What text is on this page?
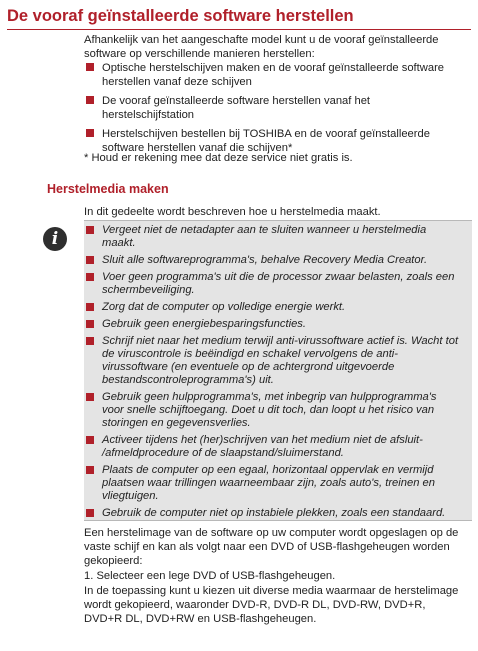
De vooraf geïnstalleerde software herstellen

Afhankelijk van het aangeschafte model kunt u de vooraf geïnstalleerde software op verschillende manieren herstellen:

Optische herstelschijven maken en de vooraf geïnstalleerde software herstellen vanaf deze schijven
De vooraf geïnstalleerde software herstellen vanaf het herstelschijfstation
Herstelschijven bestellen bij TOSHIBA en de vooraf geïnstalleerde software herstellen vanaf die schijven*

* Houd er rekening mee dat deze service niet gratis is.

Herstelmedia maken

In dit gedeelte wordt beschreven hoe u herstelmedia maakt.

i	Vergeet niet de netadapter aan te sluiten wanneer u herstelmedia maakt.
Sluit alle softwareprogramma's, behalve Recovery Media Creator.
Voer geen programma's uit die de processor zwaar belasten, zoals een schermbeveiliging.
Zorg dat de computer op volledige energie werkt.
Gebruik geen energiebesparingsfuncties.
Schrijf niet naar het medium terwijl anti-virussoftware actief is. Wacht tot de viruscontrole is beëindigd en schakel vervolgens de anti-virussoftware (en eventuele op de achtergrond uitgevoerde bestandscontroleprogramma's) uit.
Gebruik geen hulpprogramma's, met inbegrip van hulpprogramma's voor snelle schijftoegang. Doet u dit toch, dan loopt u het risico van storingen en gegevensverlies.
Activeer tijdens het (her)schrijven van het medium niet de afsluit- /afmeldprocedure of de slaapstand/sluimerstand.
Plaats de computer op een egaal, horizontaal oppervlak en vermijd plaatsen waar trillingen waarneembaar zijn, zoals auto's, treinen en vliegtuigen.
Gebruik de computer niet op instabiele plekken, zoals een standaard.

Een herstelimage van de software op uw computer wordt opgeslagen op de vaste schijf en kan als volgt naar een DVD of USB-flashgeheugen worden gekopieerd:

1. Selecteer een lege DVD of USB-flashgeheugen.

In de toepassing kunt u kiezen uit diverse media waarmaar de herstelimage wordt gekopieerd, waaronder DVD-R, DVD-R DL, DVD-RW, DVD+R, DVD+R DL, DVD+RW en USB-flashgeheugen.
